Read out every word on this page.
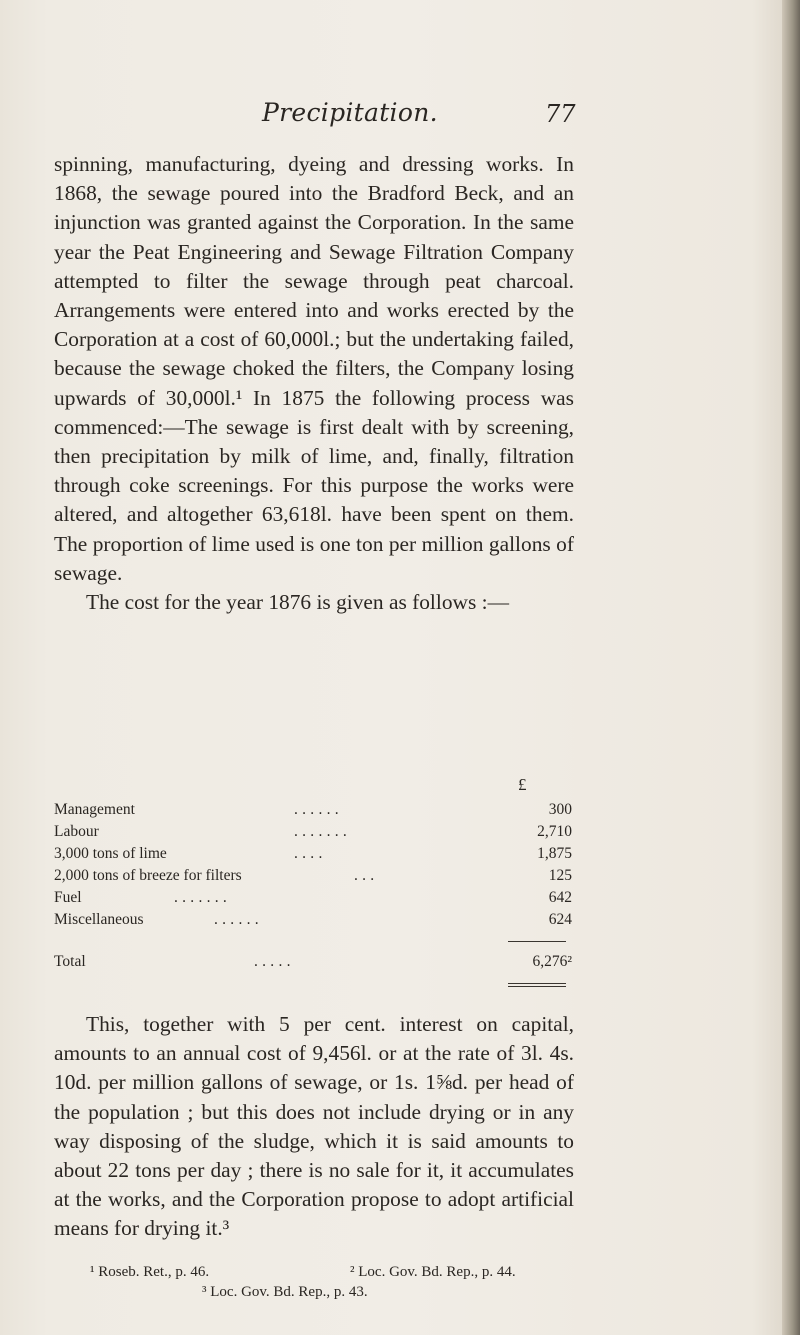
Precipitation.	77

spinning, manufacturing, dyeing and dressing works. In 1868, the sewage poured into the Bradford Beck, and an injunction was granted against the Corporation. In the same year the Peat Engineering and Sewage Filtration Company attempted to filter the sewage through peat charcoal. Arrangements were entered into and works erected by the Corporation at a cost of 60,000l.; but the undertaking failed, because the sewage choked the filters, the Company losing upwards of 30,000l.¹ In 1875 the following process was commenced:—The sewage is first dealt with by screening, then precipitation by milk of lime, and, finally, filtration through coke screenings. For this purpose the works were altered, and altogether 63,618l. have been spent on them. The proportion of lime used is one ton per million gallons of sewage.

The cost for the year 1876 is given as follows :—

£
Management	. . . . . .	300
Labour	. . . . . . .	2,710
3,000 tons of lime	. . . .	1,875
2,000 tons of breeze for filters	. . .	125
Fuel	. . . . . . .	642
Miscellaneous	. . . . . .	624
Total	. . . . .	6,276²

This, together with 5 per cent. interest on capital, amounts to an annual cost of 9,456l. or at the rate of 3l. 4s. 10d. per million gallons of sewage, or 1s. 1⅝d. per head of the population ; but this does not include drying or in any way disposing of the sludge, which it is said amounts to about 22 tons per day ; there is no sale for it, it accumulates at the works, and the Corporation propose to adopt artificial means for drying it.³

¹ Roseb. Ret., p. 46.	² Loc. Gov. Bd. Rep., p. 44.
³ Loc. Gov. Bd. Rep., p. 43.
